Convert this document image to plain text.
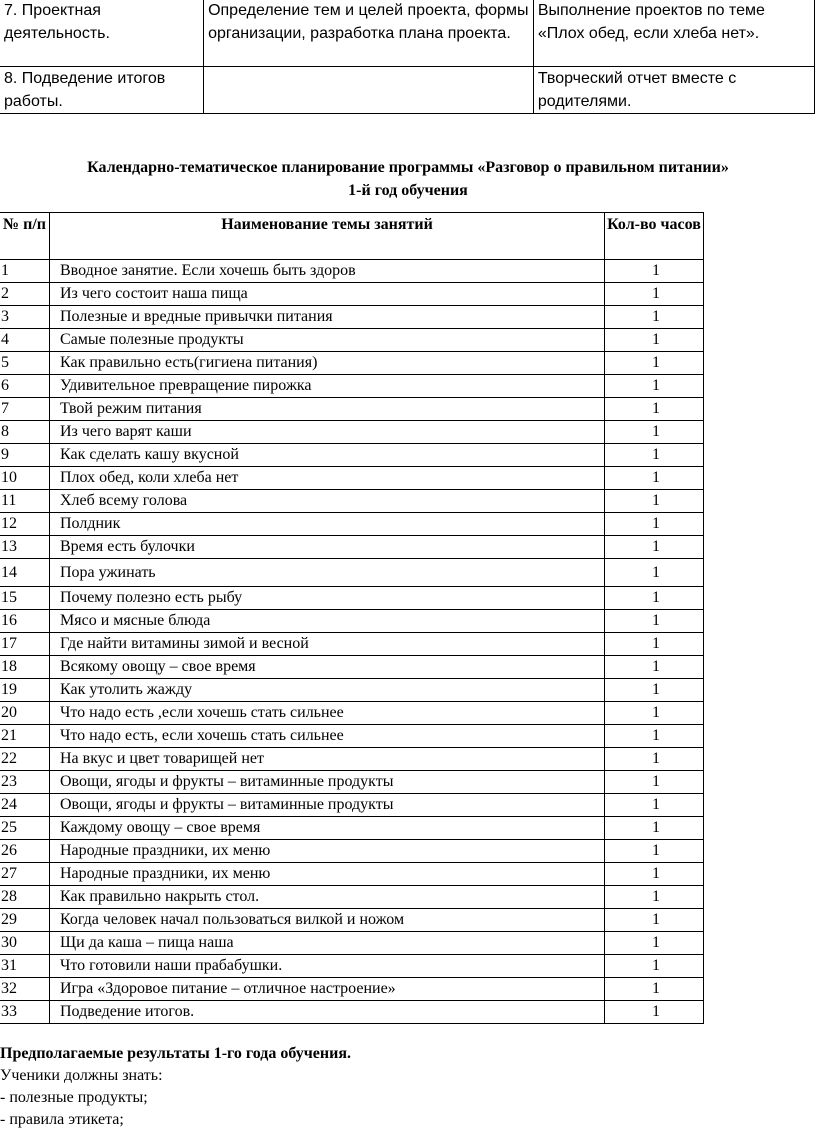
7. Проектная деятельность.	Определение тем и целей проекта, формы организации, разработка плана проекта.	Выполнение проектов по теме «Плох обед, если хлеба нет».
8. Подведение итогов работы.		Творческий отчет вместе с родителями.

Календарно-тематическое планирование программы «Разговор о правильном питании»

1-й год обучения

№ п/п	Наименование темы занятий	Кол-во часов
1	Вводное занятие. Если хочешь быть здоров	1
2	Из чего состоит наша пища	1
3	Полезные и вредные привычки питания	1
4	Самые полезные продукты	1
5	Как правильно есть(гигиена питания)	1
6	Удивительное превращение пирожка	1
7	Твой режим питания	1
8	Из чего варят каши	1
9	Как сделать кашу вкусной	1
10	Плох обед, коли хлеба нет	1
11	Хлеб всему голова	1
12	Полдник	1
13	Время есть булочки	1
14	Пора ужинать	1
15	Почему полезно есть рыбу	1
16	Мясо и мясные блюда	1
17	Где найти витамины зимой и весной	1
18	Всякому овощу – свое время	1
19	Как утолить жажду	1
20	Что надо есть ,если хочешь стать сильнее	1
21	Что надо есть, если хочешь стать сильнее	1
22	На вкус и цвет товарищей нет	1
23	Овощи, ягоды и фрукты – витаминные продукты	1
24	Овощи, ягоды и фрукты – витаминные продукты	1
25	Каждому овощу – свое время	1
26	Народные праздники, их меню	1
27	Народные праздники, их меню	1
28	Как правильно накрыть стол.	1
29	Когда человек начал пользоваться вилкой и ножом	1
30	Щи да каша – пища наша	1
31	Что готовили наши прабабушки.	1
32	Игра «Здоровое питание – отличное настроение»	1
33	Подведение итогов.	1
Предполагаемые результаты 1-го года обучения.
Ученики должны знать:
- полезные продукты;
- правила этикета;
